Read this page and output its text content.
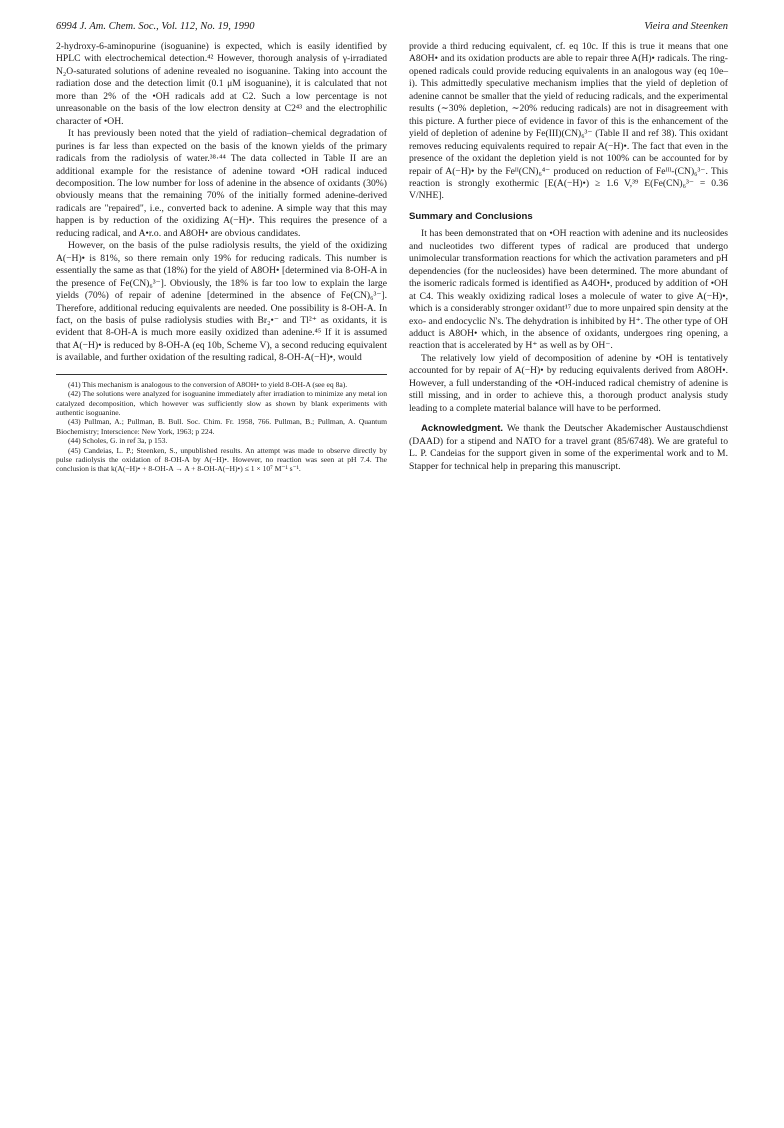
6994 J. Am. Chem. Soc., Vol. 112, No. 19, 1990	Vieira and Steenken

2-hydroxy-6-aminopurine (isoguanine) is expected, which is easily identified by HPLC with electrochemical detection.⁴² However, thorough analysis of γ-irradiated N₂O-saturated solutions of adenine revealed no isoguanine. Taking into account the radiation dose and the detection limit (0.1 μM isoguanine), it is calculated that not more than 2% of the •OH radicals add at C2. Such a low percentage is not unreasonable on the basis of the low electron density at C2⁴³ and the electrophilic character of •OH.

It has previously been noted that the yield of radiation–chemical degradation of purines is far less than expected on the basis of the known yields of the primary radicals from the radiolysis of water.³⁸·⁴⁴ The data collected in Table II are an additional example for the resistance of adenine toward •OH radical induced decomposition. The low number for loss of adenine in the absence of oxidants (30%) obviously means that the remaining 70% of the initially formed adenine-derived radicals are "repaired", i.e., converted back to adenine. A simple way that this may happen is by reduction of the oxidizing A(−H)•. This requires the presence of a reducing radical, and A•r.o. and A8OH• are obvious candidates.

However, on the basis of the pulse radiolysis results, the yield of the oxidizing A(−H)• is 81%, so there remain only 19% for reducing radicals. This number is essentially the same as that (18%) for the yield of A8OH• [determined via 8-OH-A in the presence of Fe(CN)₆³⁻]. Obviously, the 18% is far too low to explain the large yields (70%) of repair of adenine [determined in the absence of Fe(CN)₆³⁻]. Therefore, additional reducing equivalents are needed. One possibility is 8-OH-A. In fact, on the basis of pulse radiolysis studies with Br₂•⁻ and Tl²⁺ as oxidants, it is evident that 8-OH-A is much more easily oxidized than adenine.⁴⁵ If it is assumed that A(−H)• is reduced by 8-OH-A (eq 10b, Scheme V), a second reducing equivalent is available, and further oxidation of the resulting radical, 8-OH-A(−H)•, would

(41) This mechanism is analogous to the conversion of A8OH• to yield 8-OH-A (see eq 8a).

(42) The solutions were analyzed for isoguanine immediately after irradiation to minimize any metal ion catalyzed decomposition, which however was sufficiently slow as shown by blank experiments with authentic isoguanine.

(43) Pullman, A.; Pullman, B. Bull. Soc. Chim. Fr. 1958, 766. Pullman, B.; Pullman, A. Quantum Biochemistry; Interscience: New York, 1963; p 224.

(44) Scholes, G. in ref 3a, p 153.

(45) Candeias, L. P.; Steenken, S., unpublished results. An attempt was made to observe directly by pulse radiolysis the oxidation of 8-OH-A by A(−H)•. However, no reaction was seen at pH 7.4. The conclusion is that k(A(−H)• + 8-OH-A → A + 8-OH-A(−H)•) ≤ 1 × 10⁷ M⁻¹ s⁻¹.

provide a third reducing equivalent, cf. eq 10c. If this is true it means that one A8OH• and its oxidation products are able to repair three A(H)• radicals. The ring-opened radicals could provide reducing equivalents in an analogous way (eq 10e–i). This admittedly speculative mechanism implies that the yield of depletion of adenine cannot be smaller that the yield of reducing radicals, and the experimental results (∼30% depletion, ∼20% reducing radicals) are not in disagreement with this picture. A further piece of evidence in favor of this is the enhancement of the yield of depletion of adenine by Fe(III)(CN)₆³⁻ (Table II and ref 38). This oxidant removes reducing equivalents required to repair A(−H)•. The fact that even in the presence of the oxidant the depletion yield is not 100% can be accounted for by repair of A(−H)• by the Feᴵᴵ(CN)₆⁴⁻ produced on reduction of Feᴵᴵᴵ-(CN)₆³⁻. This reaction is strongly exothermic [E(A(−H)•) ≥ 1.6 V,³⁹ E(Fe(CN)₆³⁻ = 0.36 V/NHE].

Summary and Conclusions

It has been demonstrated that on •OH reaction with adenine and its nucleosides and nucleotides two different types of radical are produced that undergo unimolecular transformation reactions for which the activation parameters and pH dependencies (for the nucleosides) have been determined. The more abundant of the isomeric radicals formed is identified as A4OH•, produced by addition of •OH at C4. This weakly oxidizing radical loses a molecule of water to give A(−H)•, which is a considerably stronger oxidant¹⁷ due to more unpaired spin density at the exo- and endocyclic N's. The dehydration is inhibited by H⁺. The other type of OH adduct is A8OH• which, in the absence of oxidants, undergoes ring opening, a reaction that is accelerated by H⁺ as well as by OH⁻.

The relatively low yield of decomposition of adenine by •OH is tentatively accounted for by repair of A(−H)• by reducing equivalents derived from A8OH•. However, a full understanding of the •OH-induced radical chemistry of adenine is still missing, and in order to achieve this, a thorough product analysis study leading to a complete material balance will have to be performed.

Acknowledgment. We thank the Deutscher Akademischer Austauschdienst (DAAD) for a stipend and NATO for a travel grant (85/6748). We are grateful to L. P. Candeias for the support given in some of the experimental work and to M. Stapper for technical help in preparing this manuscript.
